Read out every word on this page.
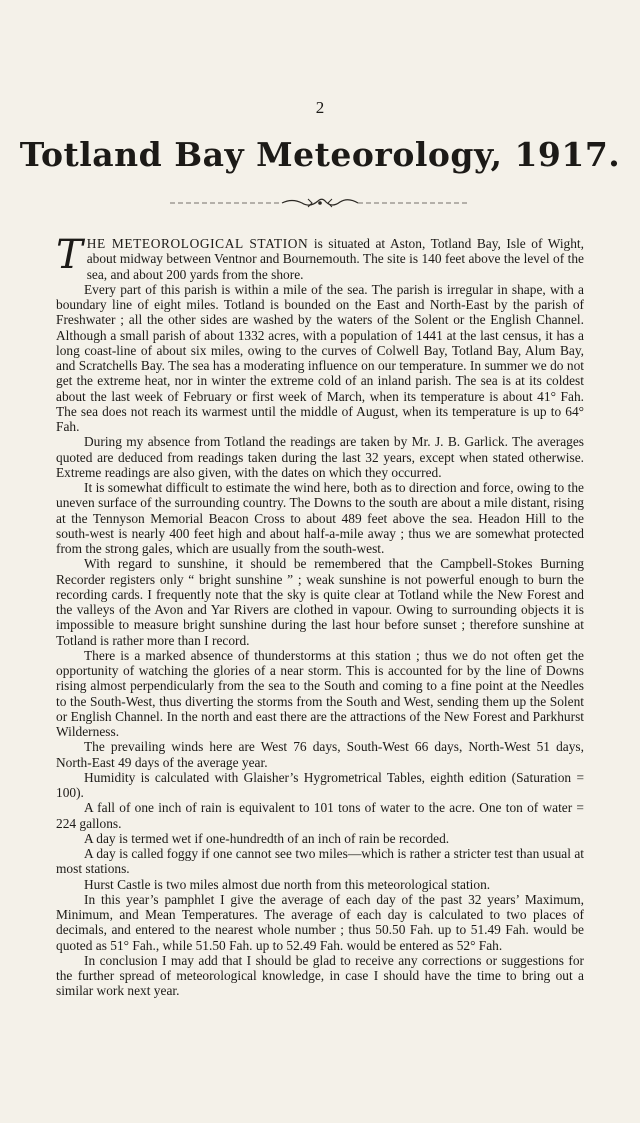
2
Totland Bay Meteorology, 1917.

THE METEOROLOGICAL STATION is situated at Aston, Totland Bay, Isle of Wight, about midway between Ventnor and Bournemouth. The site is 140 feet above the level of the sea, and about 200 yards from the shore.

Every part of this parish is within a mile of the sea. The parish is irregular in shape, with a boundary line of eight miles. Totland is bounded on the East and North-East by the parish of Freshwater ; all the other sides are washed by the waters of the Solent or the English Channel. Although a small parish of about 1332 acres, with a population of 1441 at the last census, it has a long coast-line of about six miles, owing to the curves of Colwell Bay, Totland Bay, Alum Bay, and Scratchells Bay. The sea has a moderating influence on our temperature. In summer we do not get the extreme heat, nor in winter the extreme cold of an inland parish. The sea is at its coldest about the last week of February or first week of March, when its temperature is about 41° Fah. The sea does not reach its warmest until the middle of August, when its temperature is up to 64° Fah.

During my absence from Totland the readings are taken by Mr. J. B. Garlick. The averages quoted are deduced from readings taken during the last 32 years, except when stated otherwise. Extreme readings are also given, with the dates on which they occurred.

It is somewhat difficult to estimate the wind here, both as to direction and force, owing to the uneven surface of the surrounding country. The Downs to the south are about a mile distant, rising at the Tennyson Memorial Beacon Cross to about 489 feet above the sea. Headon Hill to the south-west is nearly 400 feet high and about half-a-mile away ; thus we are somewhat protected from the strong gales, which are usually from the south-west.

With regard to sunshine, it should be remembered that the Campbell-Stokes Burning Recorder registers only “ bright sunshine ” ; weak sunshine is not powerful enough to burn the recording cards. I frequently note that the sky is quite clear at Totland while the New Forest and the valleys of the Avon and Yar Rivers are clothed in vapour. Owing to surrounding objects it is impossible to measure bright sunshine during the last hour before sunset ; therefore sunshine at Totland is rather more than I record.

There is a marked absence of thunderstorms at this station ; thus we do not often get the opportunity of watching the glories of a near storm. This is accounted for by the line of Downs rising almost perpendicularly from the sea to the South and coming to a fine point at the Needles to the South-West, thus diverting the storms from the South and West, sending them up the Solent or English Channel. In the north and east there are the attractions of the New Forest and Parkhurst Wilderness.

The prevailing winds here are West 76 days, South-West 66 days, North-West 51 days, North-East 49 days of the average year.

Humidity is calculated with Glaisher’s Hygrometrical Tables, eighth edition (Saturation = 100).

A fall of one inch of rain is equivalent to 101 tons of water to the acre. One ton of water = 224 gallons.

A day is termed wet if one-hundredth of an inch of rain be recorded.

A day is called foggy if one cannot see two miles—which is rather a stricter test than usual at most stations.

Hurst Castle is two miles almost due north from this meteorological station.

In this year’s pamphlet I give the average of each day of the past 32 years’ Maximum, Minimum, and Mean Temperatures. The average of each day is calculated to two places of decimals, and entered to the nearest whole number ; thus 50.50 Fah. up to 51.49 Fah. would be quoted as 51° Fah., while 51.50 Fah. up to 52.49 Fah. would be entered as 52° Fah.

In conclusion I may add that I should be glad to receive any corrections or suggestions for the further spread of meteorological knowledge, in case I should have the time to bring out a similar work next year.
